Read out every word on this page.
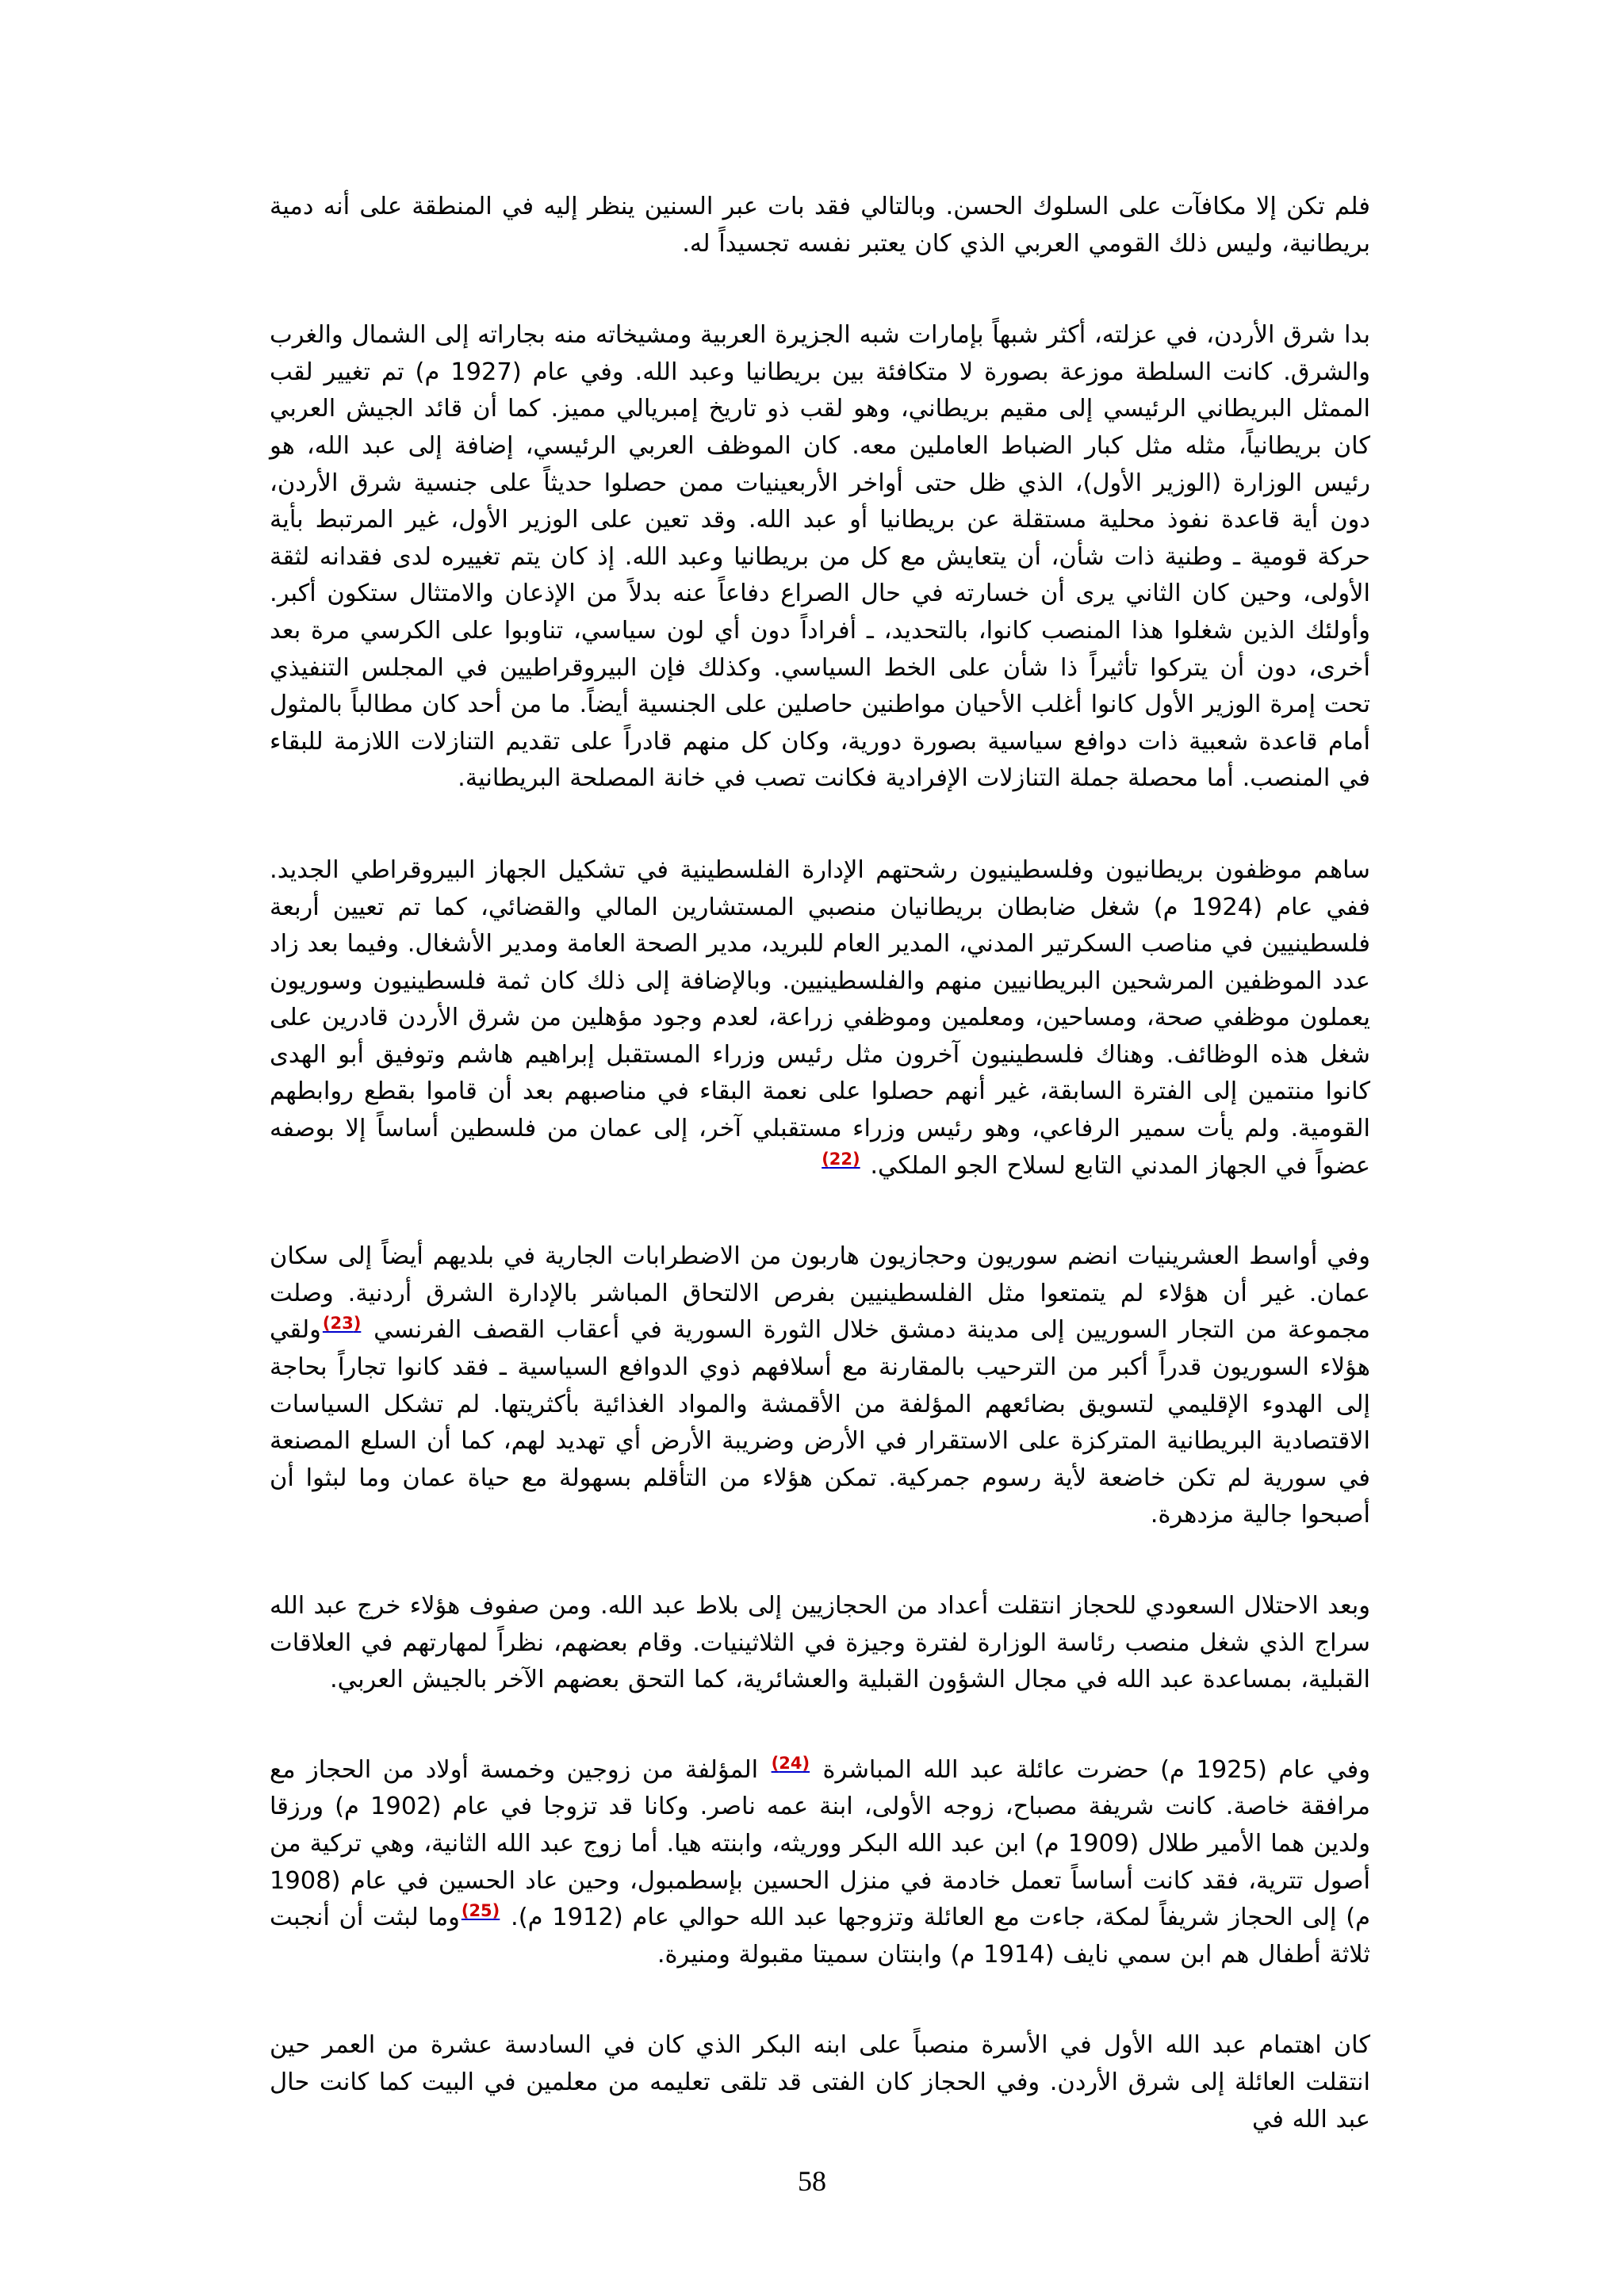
فلم تكن إلا مكافآت على السلوك الحسن. وبالتالي فقد بات عبر السنين ينظر إليه في المنطقة على أنه دمية بريطانية، وليس ذلك القومي العربي الذي كان يعتبر نفسه تجسيداً له.

بدا شرق الأردن، في عزلته، أكثر شبهاً بإمارات شبه الجزيرة العربية ومشيخاته منه بجاراته إلى الشمال والغرب والشرق. كانت السلطة موزعة بصورة لا متكافئة بين بريطانيا وعبد الله. وفي عام (1927 م) تم تغيير لقب الممثل البريطاني الرئيسي إلى مقيم بريطاني، وهو لقب ذو تاريخ إمبريالي مميز. كما أن قائد الجيش العربي كان بريطانياً، مثله مثل كبار الضباط العاملين معه. كان الموظف العربي الرئيسي، إضافة إلى عبد الله، هو رئيس الوزارة (الوزير الأول)، الذي ظل حتى أواخر الأربعينيات ممن حصلوا حديثاً على جنسية شرق الأردن، دون أية قاعدة نفوذ محلية مستقلة عن بريطانيا أو عبد الله. وقد تعين على الوزير الأول، غير المرتبط بأية حركة قومية ـ وطنية ذات شأن، أن يتعايش مع كل من بريطانيا وعبد الله. إذ كان يتم تغييره لدى فقدانه لثقة الأولى، وحين كان الثاني يرى أن خسارته في حال الصراع دفاعاً عنه بدلاً من الإذعان والامتثال ستكون أكبر. وأولئك الذين شغلوا هذا المنصب كانوا، بالتحديد، ـ أفراداً دون أي لون سياسي، تناوبوا على الكرسي مرة بعد أخرى، دون أن يتركوا تأثيراً ذا شأن على الخط السياسي. وكذلك فإن البيروقراطيين في المجلس التنفيذي تحت إمرة الوزير الأول كانوا أغلب الأحيان مواطنين حاصلين على الجنسية أيضاً. ما من أحد كان مطالباً بالمثول أمام قاعدة شعبية ذات دوافع سياسية بصورة دورية، وكان كل منهم قادراً على تقديم التنازلات اللازمة للبقاء في المنصب. أما محصلة جملة التنازلات الإفرادية فكانت تصب في خانة المصلحة البريطانية.

ساهم موظفون بريطانيون وفلسطينيون رشحتهم الإدارة الفلسطينية في تشكيل الجهاز البيروقراطي الجديد. ففي عام (1924 م) شغل ضابطان بريطانيان منصبي المستشارين المالي والقضائي، كما تم تعيين أربعة فلسطينيين في مناصب السكرتير المدني، المدير العام للبريد، مدير الصحة العامة ومدير الأشغال. وفيما بعد زاد عدد الموظفين المرشحين البريطانيين منهم والفلسطينيين. وبالإضافة إلى ذلك كان ثمة فلسطينيون وسوريون يعملون موظفي صحة، ومساحين، ومعلمين وموظفي زراعة، لعدم وجود مؤهلين من شرق الأردن قادرين على شغل هذه الوظائف. وهناك فلسطينيون آخرون مثل رئيس وزراء المستقبل إبراهيم هاشم وتوفيق أبو الهدى كانوا منتمين إلى الفترة السابقة، غير أنهم حصلوا على نعمة البقاء في مناصبهم بعد أن قاموا بقطع روابطهم القومية. ولم يأت سمير الرفاعي، وهو رئيس وزراء مستقبلي آخر، إلى عمان من فلسطين أساساً إلا بوصفه عضواً في الجهاز المدني التابع لسلاح الجو الملكي. $^{(22)}$

وفي أواسط العشرينيات انضم سوريون وحجازيون هاربون من الاضطرابات الجارية في بلديهم أيضاً إلى سكان عمان. غير أن هؤلاء لم يتمتعوا مثل الفلسطينيين بفرص الالتحاق المباشر بالإدارة الشرق أردنية. وصلت مجموعة من التجار السوريين إلى مدينة دمشق خلال الثورة السورية في أعقاب القصف الفرنسي $^{(23)}$ولقي هؤلاء السوريون قدراً أكبر من الترحيب بالمقارنة مع أسلافهم ذوي الدوافع السياسية ـ فقد كانوا تجاراً بحاجة إلى الهدوء الإقليمي لتسويق بضائعهم المؤلفة من الأقمشة والمواد الغذائية بأكثريتها. لم تشكل السياسات الاقتصادية البريطانية المتركزة على الاستقرار في الأرض وضريبة الأرض أي تهديد لهم، كما أن السلع المصنعة في سورية لم تكن خاضعة لأية رسوم جمركية. تمكن هؤلاء من التأقلم بسهولة مع حياة عمان وما لبثوا أن أصبحوا جالية مزدهرة.

وبعد الاحتلال السعودي للحجاز انتقلت أعداد من الحجازيين إلى بلاط عبد الله. ومن صفوف هؤلاء خرج عبد الله سراج الذي شغل منصب رئاسة الوزارة لفترة وجيزة في الثلاثينيات. وقام بعضهم، نظراً لمهارتهم في العلاقات القبلية، بمساعدة عبد الله في مجال الشؤون القبلية والعشائرية، كما التحق بعضهم الآخر بالجيش العربي.

وفي عام (1925 م) حضرت عائلة عبد الله المباشرة $^{(24)}$ المؤلفة من زوجين وخمسة أولاد من الحجاز مع مرافقة خاصة. كانت شريفة مصباح، زوجه الأولى، ابنة عمه ناصر. وكانا قد تزوجا في عام (1902 م) ورزقا ولدين هما الأمير طلال (1909 م) ابن عبد الله البكر ووريثه، وابنته هيا. أما زوج عبد الله الثانية، وهي تركية من أصول تترية، فقد كانت أساساً تعمل خادمة في منزل الحسين بإسطمبول، وحين عاد الحسين في عام (1908 م) إلى الحجاز شريفاً لمكة، جاءت مع العائلة وتزوجها عبد الله حوالي عام (1912 م). $^{(25)}$وما لبثت أن أنجبت ثلاثة أطفال هم ابن سمي نايف (1914 م) وابنتان سميتا مقبولة ومنيرة.

كان اهتمام عبد الله الأول في الأسرة منصباً على ابنه البكر الذي كان في السادسة عشرة من العمر حين انتقلت العائلة إلى شرق الأردن. وفي الحجاز كان الفتى قد تلقى تعليمه من معلمين في البيت كما كانت حال عبد الله في

58
